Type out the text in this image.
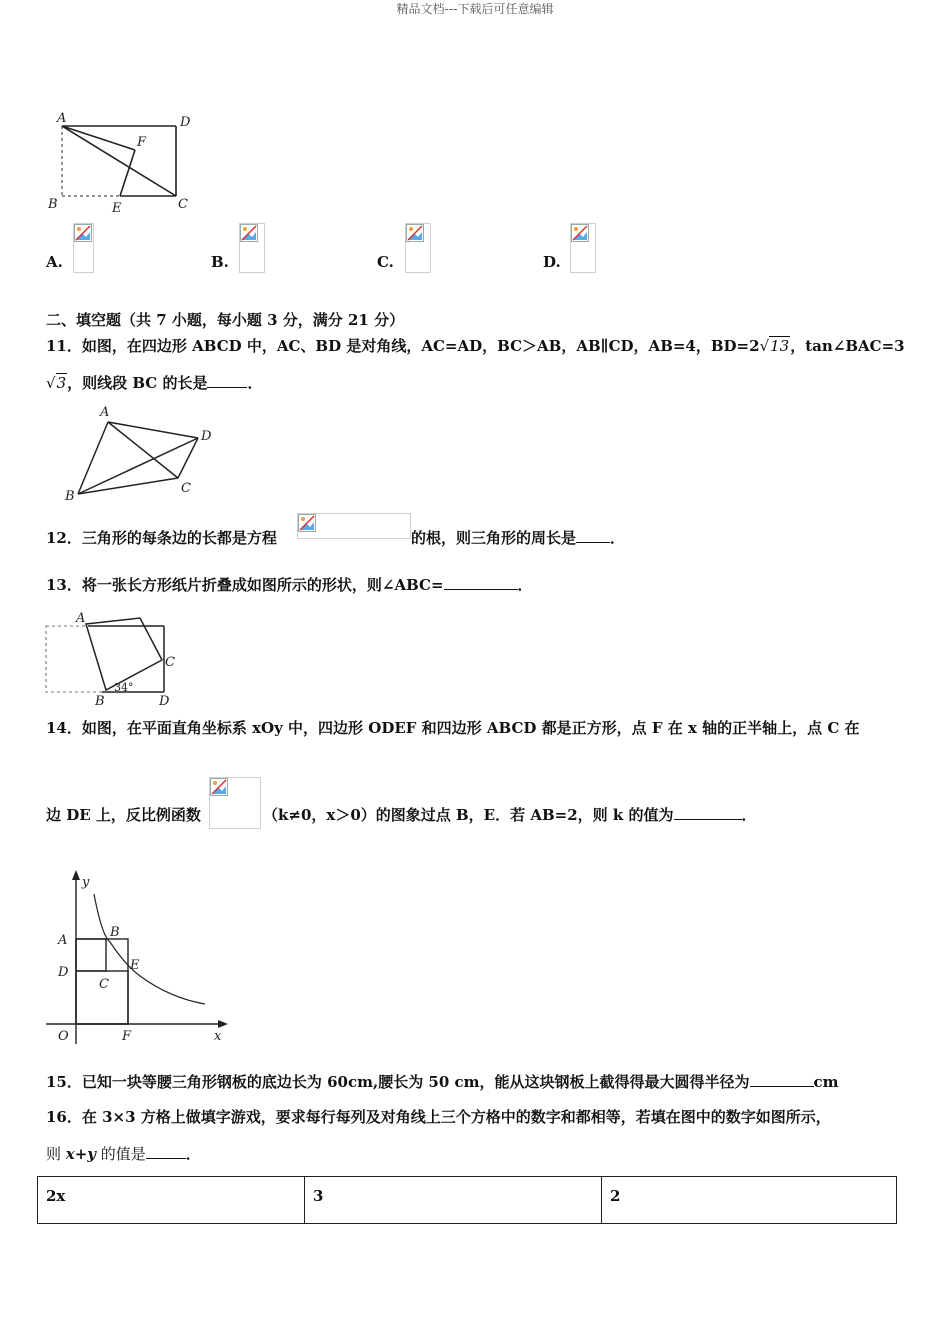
精品文档---下载后可任意编辑
A	D
F
B	E	C
A.	B.	C.	D.
二、填空题（共 7 小题，每小题 3 分，满分 21 分）
11．如图，在四边形 ABCD 中，AC、BD 是对角线，AC=AD，BC＞AB，AB∥CD，AB=4，BD=2√13，tan∠BAC=3
√3，则线段 BC 的长是	．
A
D
B
C
12．三角形的每条边的长都是方程	的根，则三角形的周长是 ．
13．将一张长方形纸片折叠成如图所示的形状，则∠ABC=	．
A
C
B	D
34°
14．如图，在平面直角坐标系 xOy 中，四边形 ODEF 和四边形 ABCD 都是正方形，点 F 在 x 轴的正半轴上，点 C 在
边 DE 上，反比例函数	（k≠0，x＞0）的图象过点 B，E．若 AB=2，则 k 的值为	．
y
A
B
D	E
C
O	F	x
15．已知一块等腰三角形钢板的底边长为 60cm,腰长为 50 cm，能从这块钢板上截得得最大圆得半径为	cm
16．在 3×3 方格上做填字游戏，要求每行每列及对角线上三个方格中的数字和都相等，若填在图中的数字如图所示，
则 x+y 的值是	．
2x	3	2
